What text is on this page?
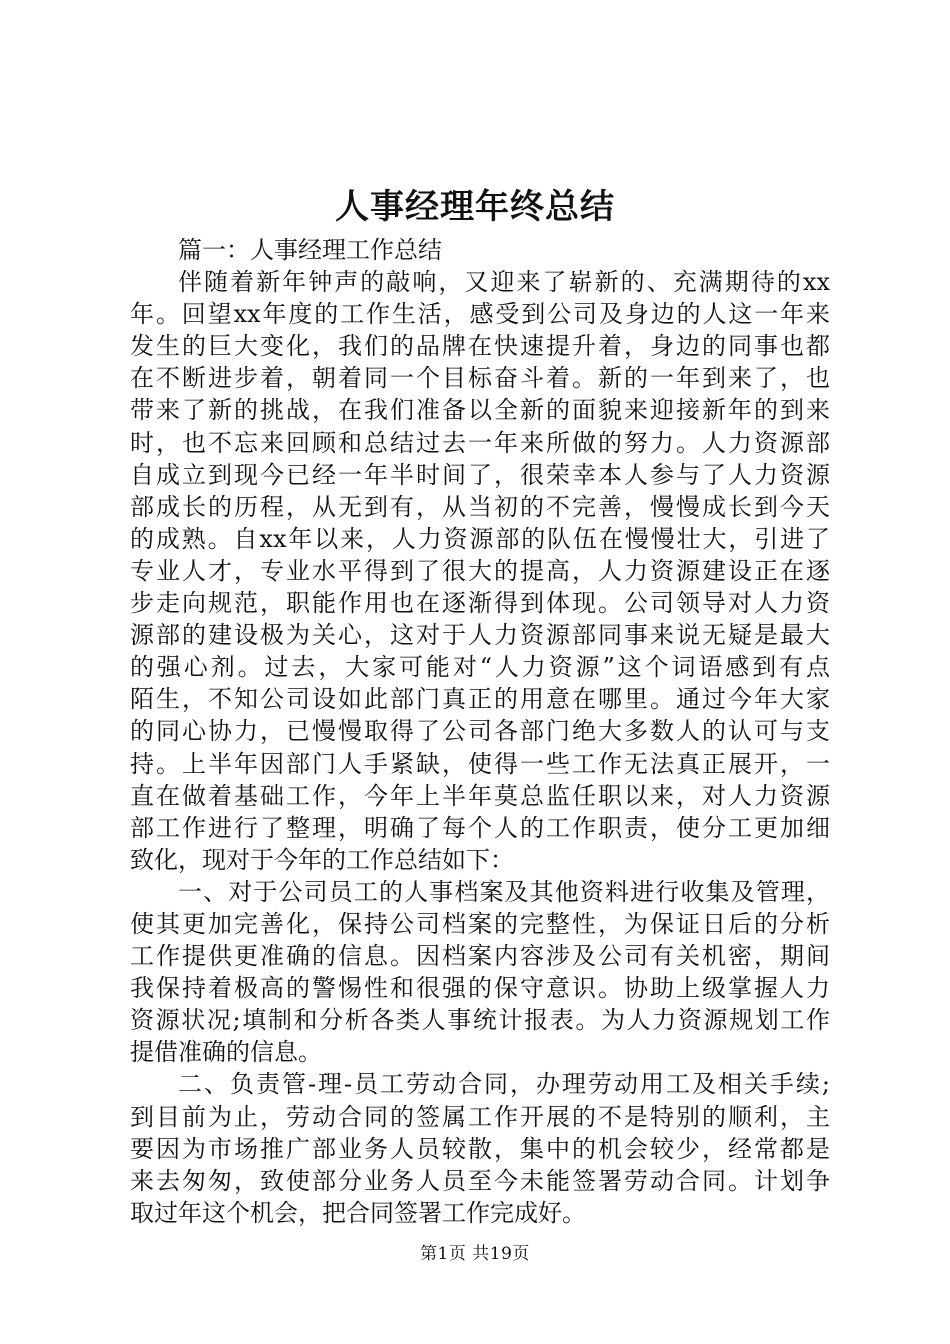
人事经理年终总结

篇一：人事经理工作总结

伴随着新年钟声的敲响，又迎来了崭新的、充满期待的xx

年。回望xx年度的工作生活，感受到公司及身边的人这一年来

发生的巨大变化，我们的品牌在快速提升着，身边的同事也都

在不断进步着，朝着同一个目标奋斗着。新的一年到来了，也

带来了新的挑战，在我们准备以全新的面貌来迎接新年的到来

时，也不忘来回顾和总结过去一年来所做的努力。人力资源部

自成立到现今已经一年半时间了，很荣幸本人参与了人力资源

部成长的历程，从无到有，从当初的不完善，慢慢成长到今天

的成熟。自xx年以来，人力资源部的队伍在慢慢壮大，引进了

专业人才，专业水平得到了很大的提高，人力资源建设正在逐

步走向规范，职能作用也在逐渐得到体现。公司领导对人力资

源部的建设极为关心，这对于人力资源部同事来说无疑是最大

的强心剂。过去，大家可能对“人力资源”这个词语感到有点

陌生，不知公司设如此部门真正的用意在哪里。通过今年大家

的同心协力，已慢慢取得了公司各部门绝大多数人的认可与支

持。上半年因部门人手紧缺，使得一些工作无法真正展开，一

直在做着基础工作，今年上半年莫总监任职以来，对人力资源

部工作进行了整理，明确了每个人的工作职责，使分工更加细

致化，现对于今年的工作总结如下：

一、对于公司员工的人事档案及其他资料进行收集及管理，

使其更加完善化，保持公司档案的完整性，为保证日后的分析

工作提供更准确的信息。因档案内容涉及公司有关机密，期间

我保持着极高的警惕性和很强的保守意识。协助上级掌握人力

资源状况;填制和分析各类人事统计报表。为人力资源规划工作

提借准确的信息。

二、负责管-理-员工劳动合同，办理劳动用工及相关手续;

到目前为止，劳动合同的签属工作开展的不是特别的顺利，主

要因为市场推广部业务人员较散，集中的机会较少，经常都是

来去匆匆，致使部分业务人员至今未能签署劳动合同。计划争

取过年这个机会，把合同签署工作完成好。

第1页 共19页
